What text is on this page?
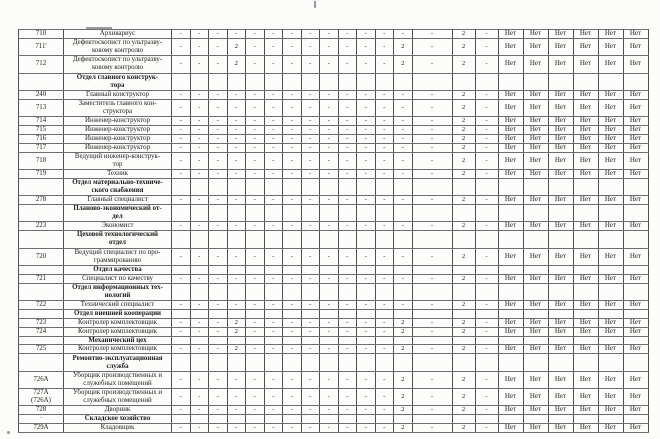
710	Архивариус	-	-	-	-	-	-	-	-	-	-	-	-	-	-	2	-	Нет	Нет	Нет	Нет	Нет	Нет
711'	Дефектоскопист по ультразву-
ковому контролю	-	-	-	2	-	-	-	-	-	-	-	-	2	-	2	-	Нет	Нет	Нет	Нет	Нет	Нет
712	Дефектоскопист по ультразву-
ковому контролю	-	-	-	2	-	-	-	-	-	-	-	-	2	-	2	-	Нет	Нет	Нет	Нет	Нет	Нет
	Отдел главного конструк-
тора																						
240	Главный конструктор	-	-	-	-	-	-	-	-	-	-	-	-	-	-	2	-	Нет	Нет	Нет	Нет	Нет	Нет
713	Заместитель главного кон-
структора	-	-	-	-	-	-	-	-	-	-	-	-	-	-	2	-	Нет	Нет	Нет	Нет	Нет	Нет
714	Инженер-конструктор	-	-	-	-	-	-	-	-	-	-	-	-	-	-	2	-	Нет	Нет	Нет	Нет	Нет	Нет
715	Инженер-конструктор	-	-	-	-	-	-	-	-	-	-	-	-	-	-	2	-	Нет	Нет	Нет	Нет	Нет	Нет
716	Инженер-конструктор	-	-	-	-	-	-	-	-	-	-	-	-	-	-	2	-	Нет	Нет	Нет	Нет	Нет	Нет
717	Инженер-конструктор	-	-	-	-	-	-	-	-	-	-	-	-	-	-	2	-	Нет	Нет	Нет	Нет	Нет	Нет
718	Ведущий инженер-конструк-
тор	-	-	-	-	-	-	-	-	-	-	-	-	-	-	2	-	Нет	Нет	Нет	Нет	Нет	Нет
719	Техник	-	-	-	-	-	-	-	-	-	-	-	-	-	-	2	-	Нет	Нет	Нет	Нет	Нет	Нет
	Отдел материально-техниче-
ского снабжения																						
278	Главный специалист	-	-	-	-	-	-	-	-	-	-	-	-	-	-	2	-	Нет	Нет	Нет	Нет	Нет	Нет
	Планово-экономический от-
дел																						
223	Экономист	-	-	-	-	-	-	-	-	-	-	-	-	-	-	2	-	Нет	Нет	Нет	Нет	Нет	Нет
	Цеховой технологический
отдел																						
720	Ведущий специалист по про-
граммированию	-	-	-	-	-	-	-	-	-	-	-	-	-	-	2	-	Нет	Нет	Нет	Нет	Нет	Нет
	Отдел качества																						
721	Специалист по качеству	-	-	-	-	-	-	-	-	-	-	-	-	-	-	2	-	Нет	Нет	Нет	Нет	Нет	Нет
	Отдел информационных тех-
нологий																						
722	Технический специалист	-	-	-	-	-	-	-	-	-	-	-	-	-	-	2	-	Нет	Нет	Нет	Нет	Нет	Нет
	Отдел внешней кооперации																						
723	Контролер комплектовщик	-	-	-	2	-	-	-	-	-	-	-	-	2	-	2	-	Нет	Нет	Нет	Нет	Нет	Нет
724	Контролер комплектовщик	-	-	-	2	-	-	-	-	-	-	-	-	2	-	2	-	Нет	Нет	Нет	Нет	Нет	Нет
	Механический цех																						
725	Контролер комплектовщик	-	-	-	2	-	-	-	-	-	-	-	-	2	-	2	-	Нет	Нет	Нет	Нет	Нет	Нет
	Ремонтно-эксплуатационная
служба																						
726А	Уборщик производственных и
служебных помещений	-	-	-	-	-	-	-	-	-	-	-	-	2	-	2	-	Нет	Нет	Нет	Нет	Нет	Нет
727А
(726А)	Уборщик производственных и
служебных помещений	-	-	-	-	-	-	-	-	-	-	-	-	2	-	2	-	Нет	Нет	Нет	Нет	Нет	Нет
728	Дворник	-	-	-	-	-	-	-	-	-	-	-	-	2	-	2	-	Нет	Нет	Нет	Нет	Нет	Нет
·	Складское хозяйство																						
729А	Кладовщик	-	-	-	-	-	-	-	-	-	-	-	-	2	-	2	-	Нет	Нет	Нет	Нет	Нет	Нет
